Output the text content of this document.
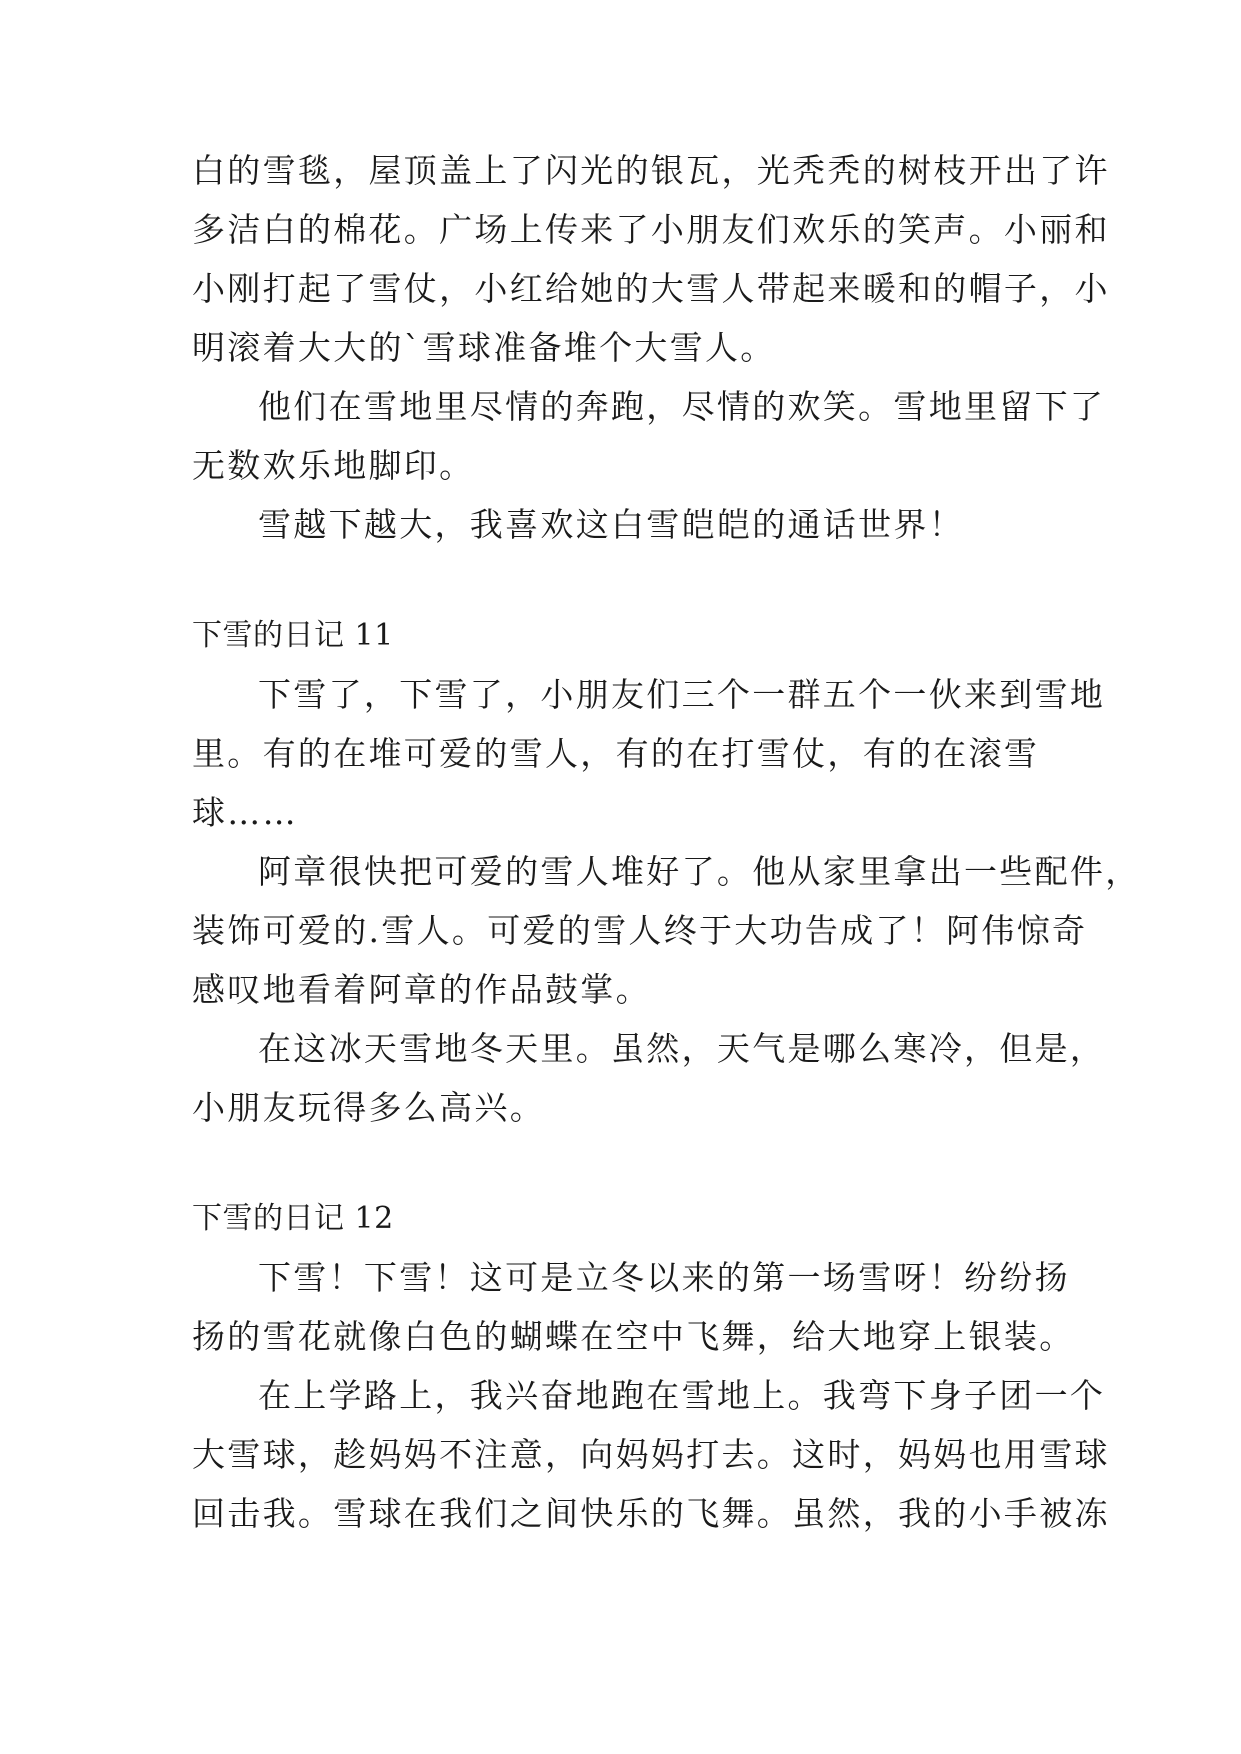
白的雪毯，屋顶盖上了闪光的银瓦，光秃秃的树枝开出了许
多洁白的棉花。广场上传来了小朋友们欢乐的笑声。小丽和
小刚打起了雪仗，小红给她的大雪人带起来暖和的帽子，小
明滚着大大的`雪球准备堆个大雪人。
他们在雪地里尽情的奔跑，尽情的欢笑。雪地里留下了
无数欢乐地脚印。
雪越下越大，我喜欢这白雪皑皑的通话世界！
下雪的日记 11
下雪了，下雪了，小朋友们三个一群五个一伙来到雪地
里。有的在堆可爱的雪人，有的在打雪仗，有的在滚雪
球……
阿章很快把可爱的雪人堆好了。他从家里拿出一些配件，
装饰可爱的.雪人。可爱的雪人终于大功告成了！阿伟惊奇
感叹地看着阿章的作品鼓掌。
在这冰天雪地冬天里。虽然，天气是哪么寒冷，但是，
小朋友玩得多么高兴。
下雪的日记 12
下雪！下雪！这可是立冬以来的第一场雪呀！纷纷扬
扬的雪花就像白色的蝴蝶在空中飞舞，给大地穿上银装。
在上学路上，我兴奋地跑在雪地上。我弯下身子团一个
大雪球，趁妈妈不注意，向妈妈打去。这时，妈妈也用雪球
回击我。雪球在我们之间快乐的飞舞。虽然，我的小手被冻
